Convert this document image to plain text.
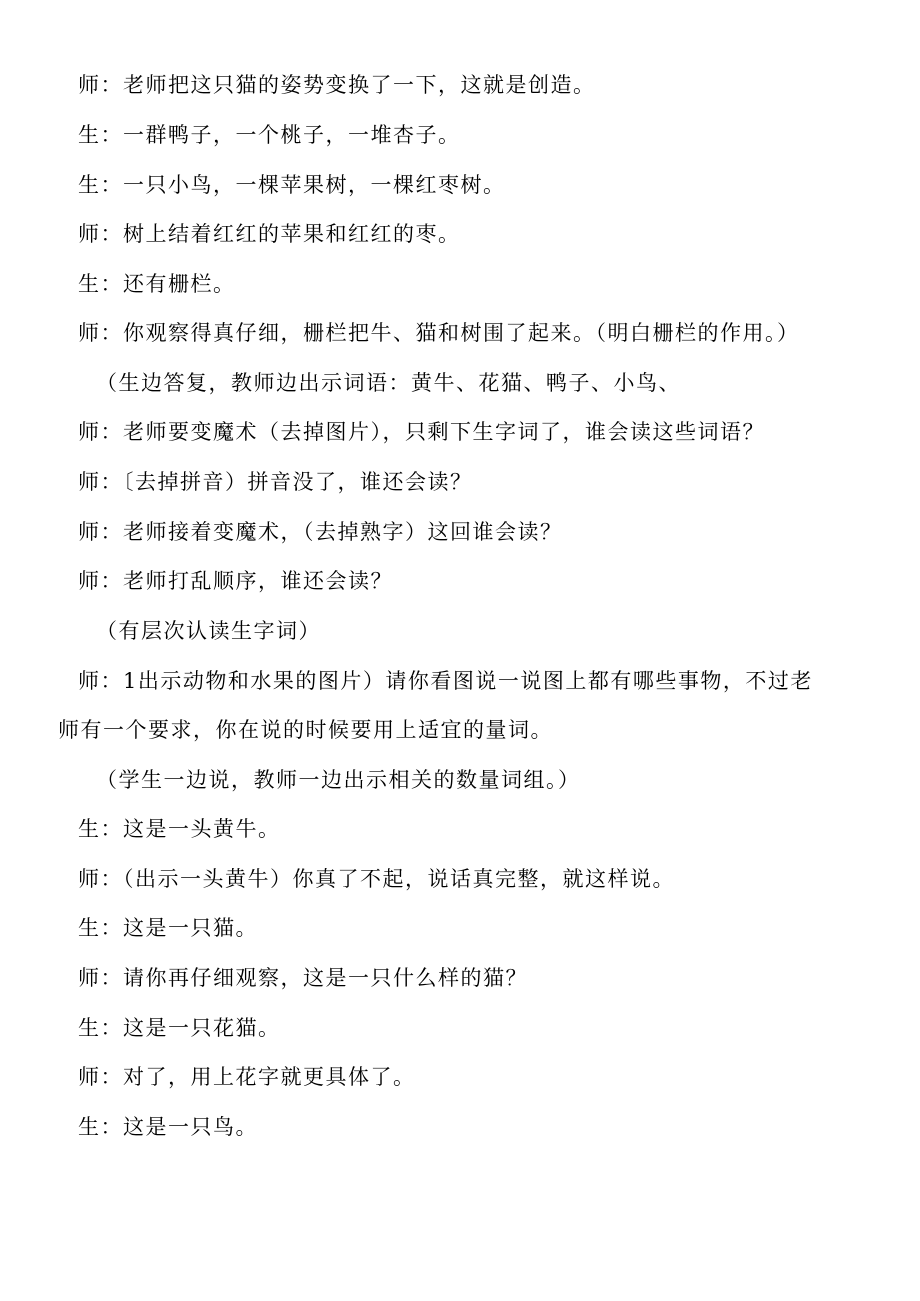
师：老师把这只猫的姿势变换了一下，这就是创造。
生：一群鸭子，一个桃子，一堆杏子。
生：一只小鸟，一棵苹果树，一棵红枣树。
师：树上结着红红的苹果和红红的枣。
生：还有栅栏。
师：你观察得真仔细，栅栏把牛、猫和树围了起来。（明白栅栏的作用。）
（生边答复，教师边出示词语：黄牛、花猫、鸭子、小鸟、
师：老师要变魔术（去掉图片），只剩下生字词了，谁会读这些词语？
师：〔去掉拼音）拼音没了，谁还会读？
师：老师接着变魔术，（去掉熟字）这回谁会读？
师：老师打乱顺序，谁还会读？
（有层次认读生字词）
师：1出示动物和水果的图片）请你看图说一说图上都有哪些事物，不过老
师有一个要求，你在说的时候要用上适宜的量词。
（学生一边说，教师一边出示相关的数量词组。）
生：这是一头黄牛。
师：（出示一头黄牛）你真了不起，说话真完整，就这样说。
生：这是一只猫。
师：请你再仔细观察，这是一只什么样的猫？
生：这是一只花猫。
师：对了，用上花字就更具体了。
生：这是一只鸟。
